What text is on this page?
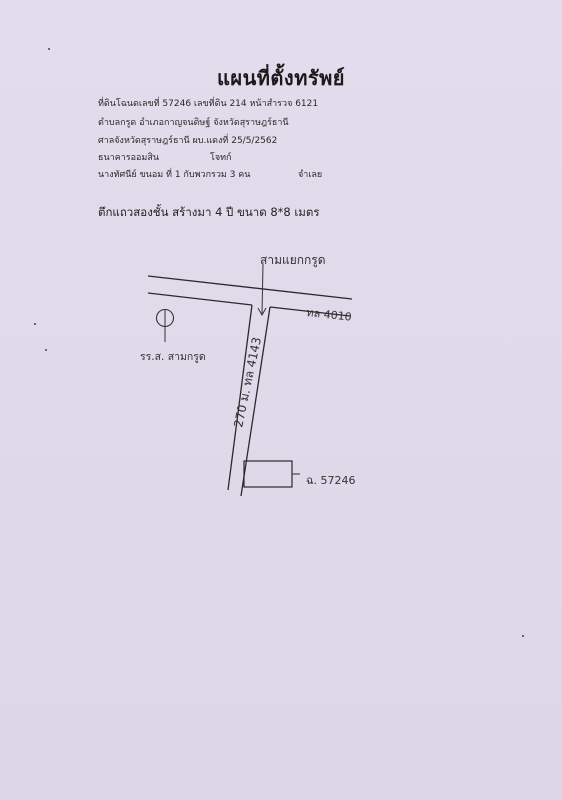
แผนที่ตั้งทรัพย์
ที่ดินโฉนดเลขที่ 57246 เลขที่ดิน 214 หน้าสำรวจ 6121
ตำบลกรูด อำเภอกาญจนดิษฐ์ จังหวัดสุราษฎร์ธานี
ศาลจังหวัดสุราษฎร์ธานี ผบ.แดงที่ 25/5/2562
ธนาคารออมสิน	โจทก์
นางทัศนีย์ ขนอม ที่ 1 กับพวกรวม 3 คน	จำเลย
ตึกแถวสองชั้น สร้างมา 4 ปี ขนาด 8*8 เมตร
สามแยกกรูด
ทล 4010
270 ม. ทล 4143
รร.ส. สามกรูด
ฉ. 57246
